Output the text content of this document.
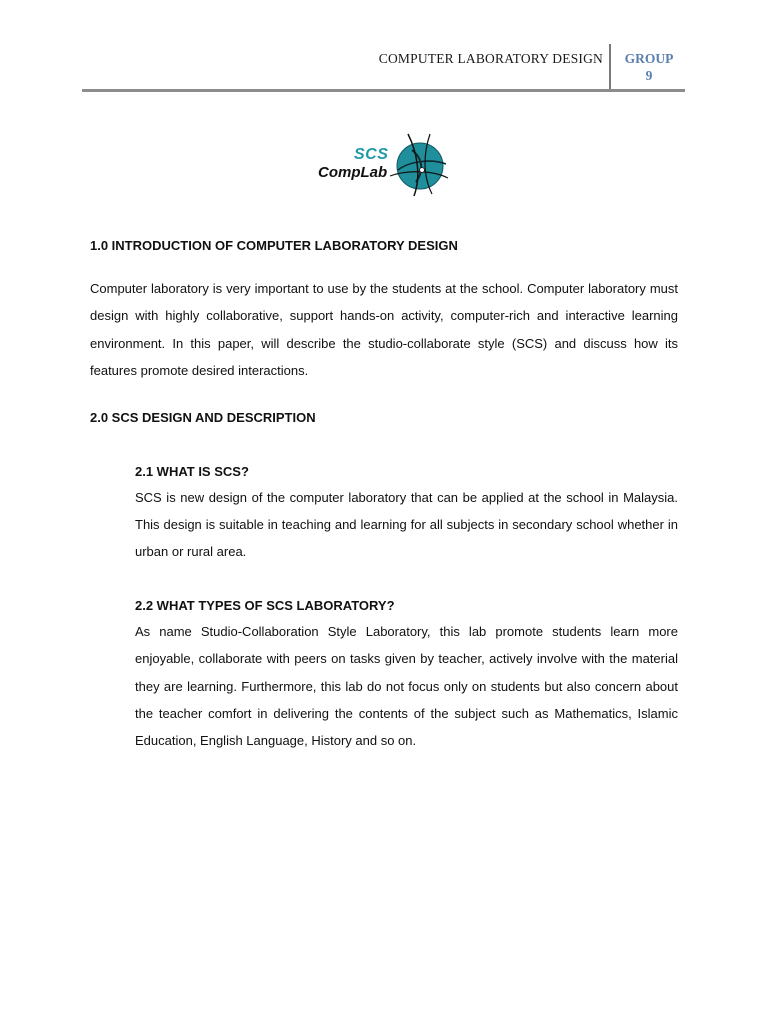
COMPUTER LABORATORY DESIGN	GROUP
9
SCS
CompLab
1.0 INTRODUCTION OF COMPUTER LABORATORY DESIGN

Computer laboratory is very important to use by the students at the school. Computer laboratory must design with highly collaborative, support hands-on activity, computer-rich and interactive learning environment. In this paper, will describe the studio-collaborate style (SCS) and discuss how its features promote desired interactions.

2.0 SCS DESIGN AND DESCRIPTION
2.1 WHAT IS SCS?

SCS is new design of the computer laboratory that can be applied at the school in Malaysia. This design is suitable in teaching and learning for all subjects in secondary school whether in urban or rural area.

2.2 WHAT TYPES OF SCS LABORATORY?

As name Studio-Collaboration Style Laboratory, this lab promote students learn more enjoyable, collaborate with peers on tasks given by teacher, actively involve with the material they are learning. Furthermore, this lab do not focus only on students but also concern about the teacher comfort in delivering the contents of the subject such as Mathematics, Islamic Education, English Language, History and so on.
